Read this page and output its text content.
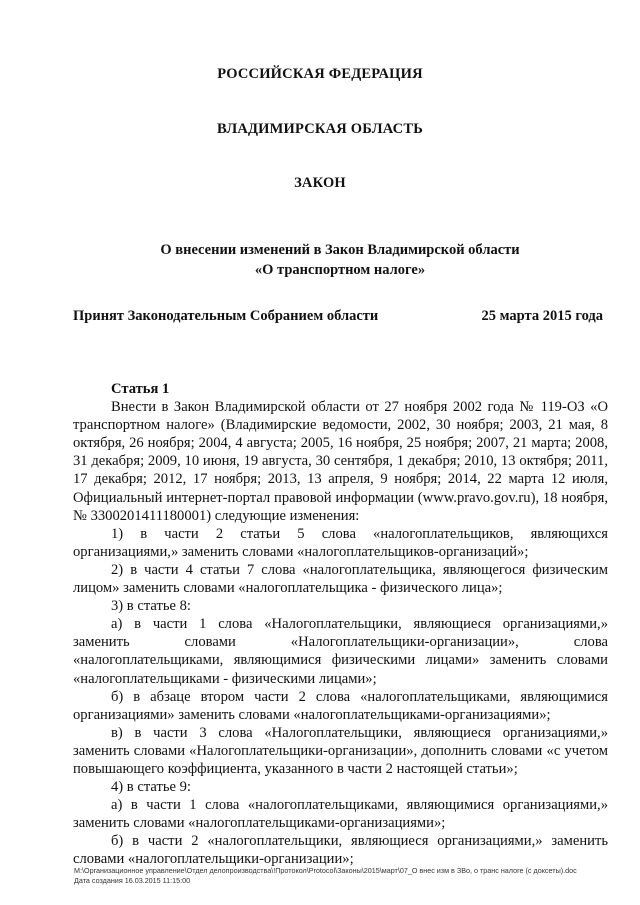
РОССИЙСКАЯ ФЕДЕРАЦИЯ
ВЛАДИМИРСКАЯ ОБЛАСТЬ
ЗАКОН
О внесении изменений в Закон Владимирской области
«О транспортном налоге»
Принят Законодательным Собранием области	25 марта 2015 года

Статья 1

Внести в Закон Владимирской области от 27 ноября 2002 года № 119-ОЗ «О транспортном налоге» (Владимирские ведомости, 2002, 30 ноября; 2003, 21 мая, 8 октября, 26 ноября; 2004, 4 августа; 2005, 16 ноября, 25 ноября; 2007, 21 марта; 2008, 31 декабря; 2009, 10 июня, 19 августа, 30 сентября, 1 декабря; 2010, 13 октября; 2011, 17 декабря; 2012, 17 ноября; 2013, 13 апреля, 9 ноября; 2014, 22 марта 12 июля, Официальный интернет-портал правовой информации (www.pravo.gov.ru), 18 ноября, № 3300201411180001) следующие изменения:

1) в части 2 статьи 5 слова «налогоплательщиков, являющихся организациями,» заменить словами «налогоплательщиков-организаций»;

2) в части 4 статьи 7 слова «налогоплательщика, являющегося физическим лицом» заменить словами «налогоплательщика - физического лица»;

3) в статье 8:

а) в части 1 слова «Налогоплательщики, являющиеся организациями,» заменить словами «Налогоплательщики-организации», слова «налогоплательщиками, являющимися физическими лицами» заменить словами «налогоплательщиками - физическими лицами»;

б) в абзаце втором части 2 слова «налогоплательщиками, являющимися организациями» заменить словами «налогоплательщиками-организациями»;

в) в части 3 слова «Налогоплательщики, являющиеся организациями,» заменить словами «Налогоплательщики-организации», дополнить словами «с учетом повышающего коэффициента, указанного в части 2 настоящей статьи»;

4) в статье 9:

а) в части 1 слова «налогоплательщиками, являющимися организациями,» заменить словами «налогоплательщиками-организациями»;

б) в части 2 «налогоплательщики, являющиеся организациями,» заменить словами «налогоплательщики-организации»;

M:\Организационное управление\Отдел делопроизводства\!Протокол\Protocol\Законы\2015\март\07_О внес изм в ЗВо, о транс налоге (с доксеты).doc Дата создания 16.03.2015 11:15:00
